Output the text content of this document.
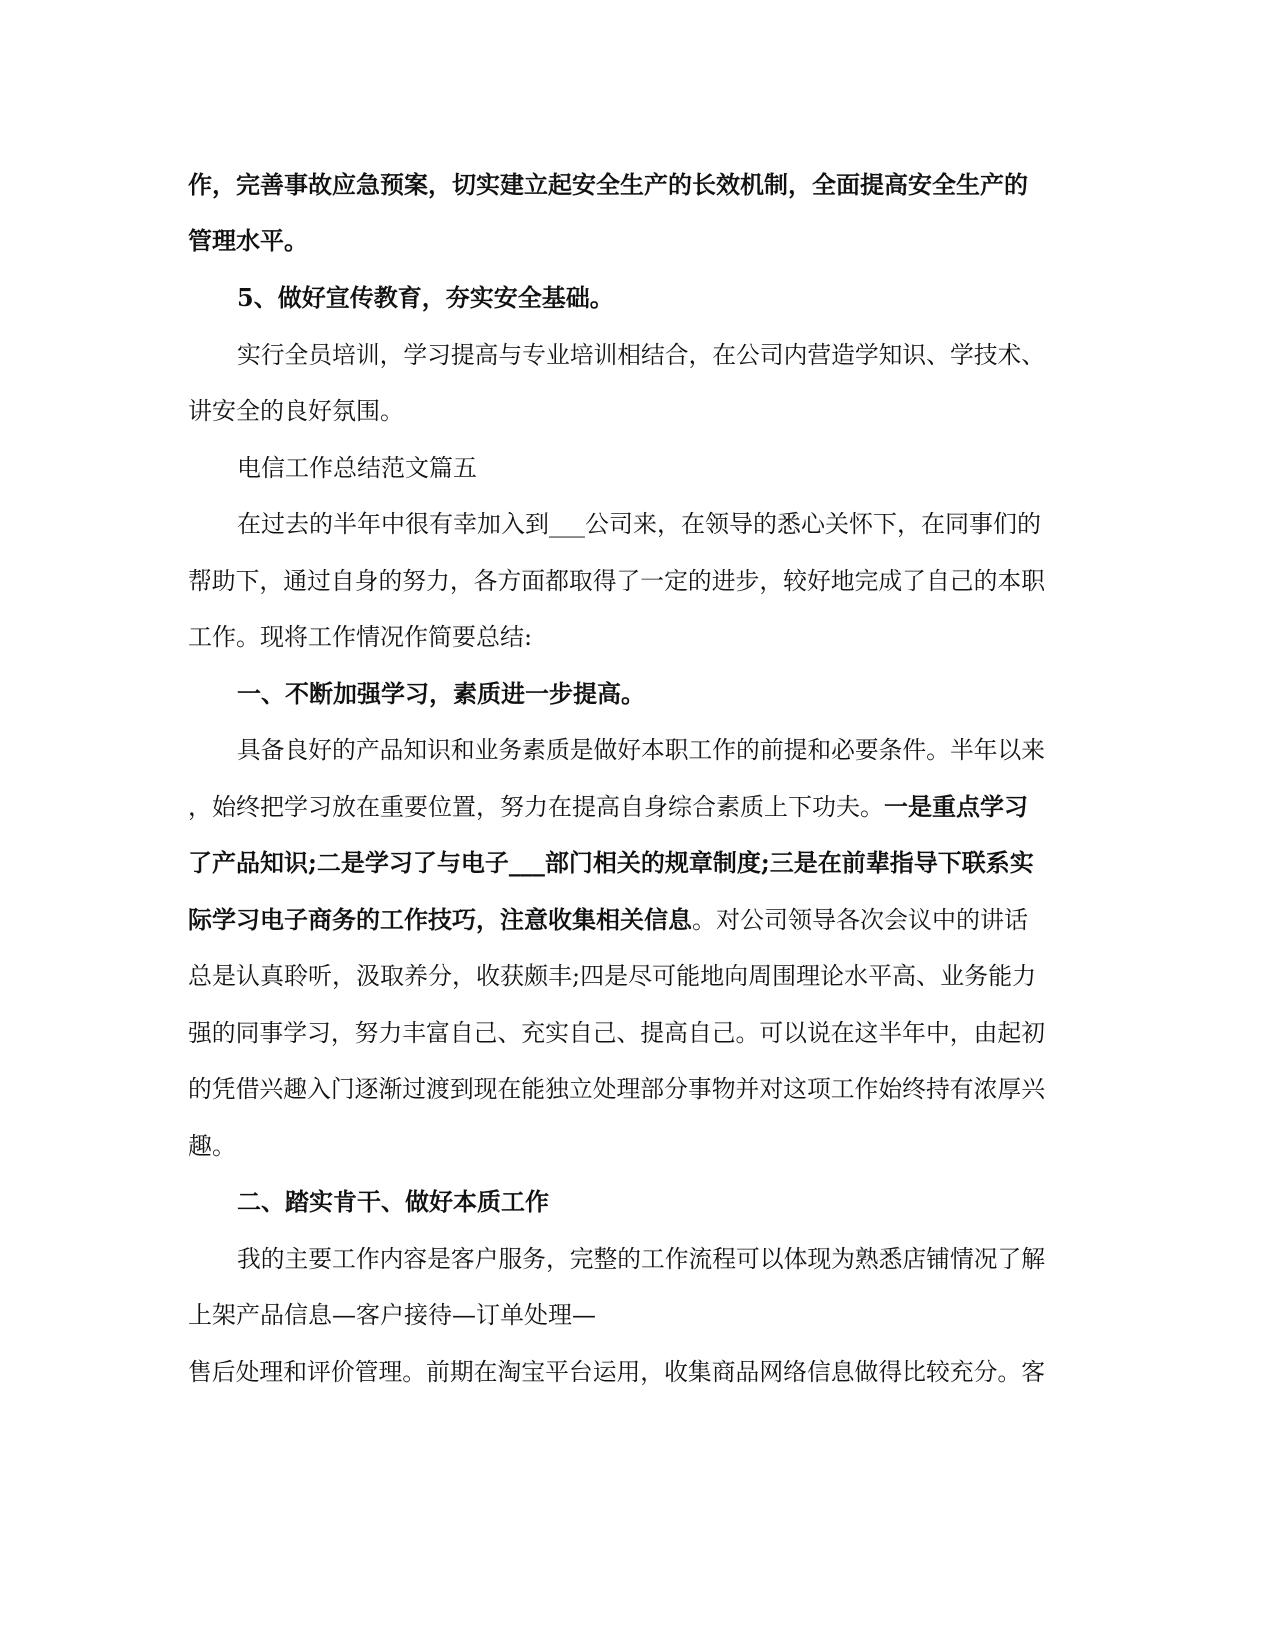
作，完善事故应急预案，切实建立起安全生产的长效机制，全面提高安全生产的
管理水平。
5、做好宣传教育，夯实安全基础。
实行全员培训，学习提高与专业培训相结合，在公司内营造学知识、学技术、
讲安全的良好氛围。
电信工作总结范文篇五
在过去的半年中很有幸加入到___公司来，在领导的悉心关怀下，在同事们的
帮助下，通过自身的努力，各方面都取得了一定的进步，较好地完成了自己的本职
工作。现将工作情况作简要总结:
一、不断加强学习，素质进一步提高。
具备良好的产品知识和业务素质是做好本职工作的前提和必要条件。半年以来
，始终把学习放在重要位置，努力在提高自身综合素质上下功夫。一是重点学习
了产品知识;二是学习了与电子___部门相关的规章制度;三是在前辈指导下联系实
际学习电子商务的工作技巧，注意收集相关信息。对公司领导各次会议中的讲话
总是认真聆听，汲取养分，收获颇丰;四是尽可能地向周围理论水平高、业务能力
强的同事学习，努力丰富自己、充实自己、提高自己。可以说在这半年中，由起初
的凭借兴趣入门逐渐过渡到现在能独立处理部分事物并对这项工作始终持有浓厚兴
趣。
二、踏实肯干、做好本质工作
我的主要工作内容是客户服务，完整的工作流程可以体现为熟悉店铺情况了解
上架产品信息—客户接待—订单处理—
售后处理和评价管理。前期在淘宝平台运用，收集商品网络信息做得比较充分。客
